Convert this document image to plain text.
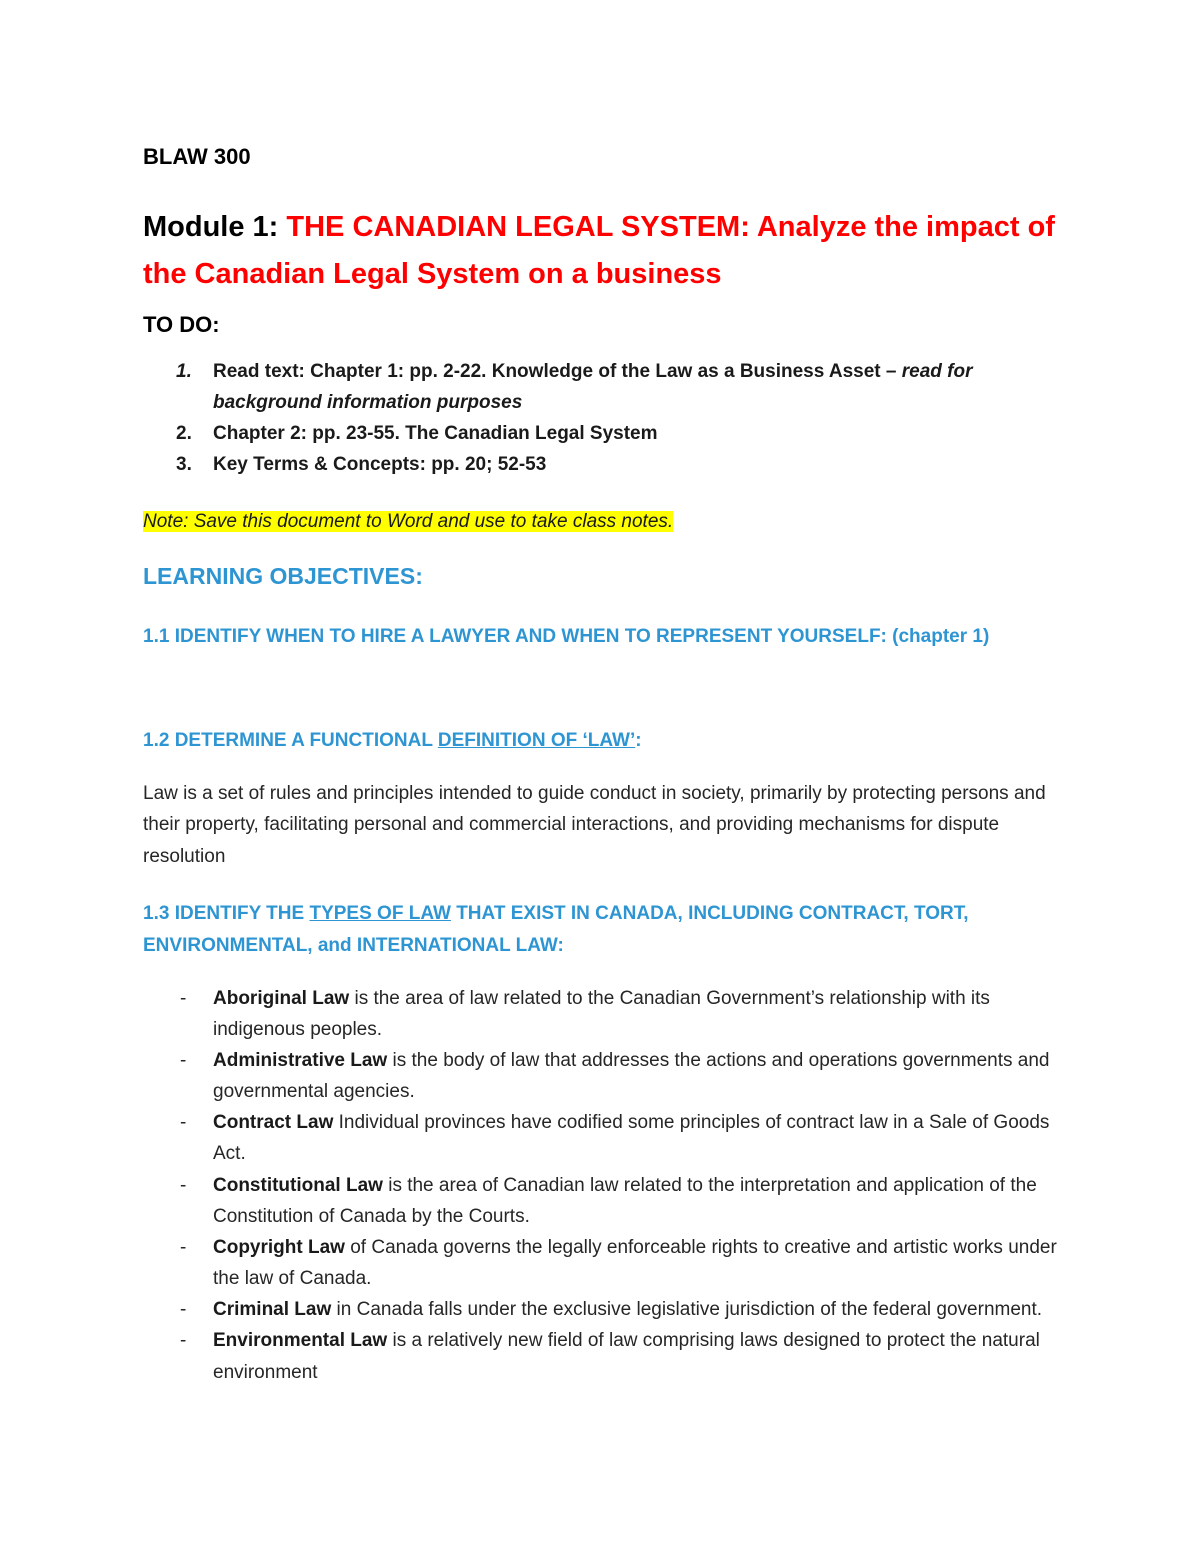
BLAW 300
Module 1: THE CANADIAN LEGAL SYSTEM: Analyze the impact of the Canadian Legal System on a business
TO DO:
1.	Read text: Chapter 1: pp. 2-22. Knowledge of the Law as a Business Asset – read for background information purposes
2.	Chapter 2: pp. 23-55. The Canadian Legal System
3.	Key Terms & Concepts: pp. 20; 52-53

Note: Save this document to Word and use to take class notes.

LEARNING OBJECTIVES:

1.1 IDENTIFY WHEN TO HIRE A LAWYER AND WHEN TO REPRESENT YOURSELF: (chapter 1)

1.2 DETERMINE A FUNCTIONAL DEFINITION OF ‘LAW’:

Law is a set of rules and principles intended to guide conduct in society, primarily by protecting persons and their property, facilitating personal and commercial interactions, and providing mechanisms for dispute resolution

1.3 IDENTIFY THE TYPES OF LAW THAT EXIST IN CANADA, INCLUDING CONTRACT, TORT, ENVIRONMENTAL, and INTERNATIONAL LAW:

- Aboriginal Law is the area of law related to the Canadian Government’s relationship with its indigenous peoples.
- Administrative Law is the body of law that addresses the actions and operations governments and governmental agencies.
- Contract Law Individual provinces have codified some principles of contract law in a Sale of Goods Act.
- Constitutional Law is the area of Canadian law related to the interpretation and application of the Constitution of Canada by the Courts.
- Copyright Law of Canada governs the legally enforceable rights to creative and artistic works under the law of Canada.
- Criminal Law in Canada falls under the exclusive legislative jurisdiction of the federal government.
- Environmental Law is a relatively new field of law comprising laws designed to protect the natural environment
